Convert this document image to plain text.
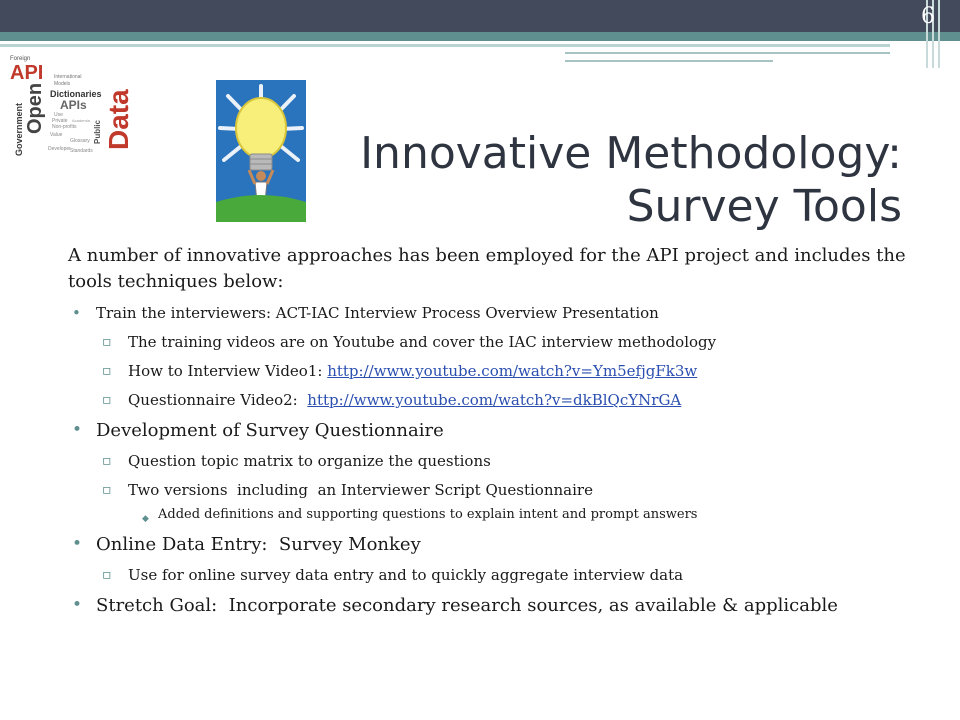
6
Foreign
API
Open
Government
International
Models
Dictionaries
APIs Data
Public
Private
Use
Non-profits
Academia
Value
Glossary
Developer Standards	Innovative Methodology:
Survey Tools

A number of innovative approaches has been employed for the API project and includes the tools techniques below:

• Train the interviewers: ACT-IAC Interview Process Overview Presentation
▫ The training videos are on Youtube and cover the IAC interview methodology
▫ How to Interview Video1: http://www.youtube.com/watch?v=Ym5efjgFk3w
▫ Questionnaire Video2:  http://www.youtube.com/watch?v=dkBlQcYNrGA
• Development of Survey Questionnaire
▫ Question topic matrix to organize the questions
▫ Two versions  including  an Interviewer Script Questionnaire
◆ Added definitions and supporting questions to explain intent and prompt answers
• Online Data Entry:  Survey Monkey
▫ Use for online survey data entry and to quickly aggregate interview data
• Stretch Goal:  Incorporate secondary research sources, as available & applicable
